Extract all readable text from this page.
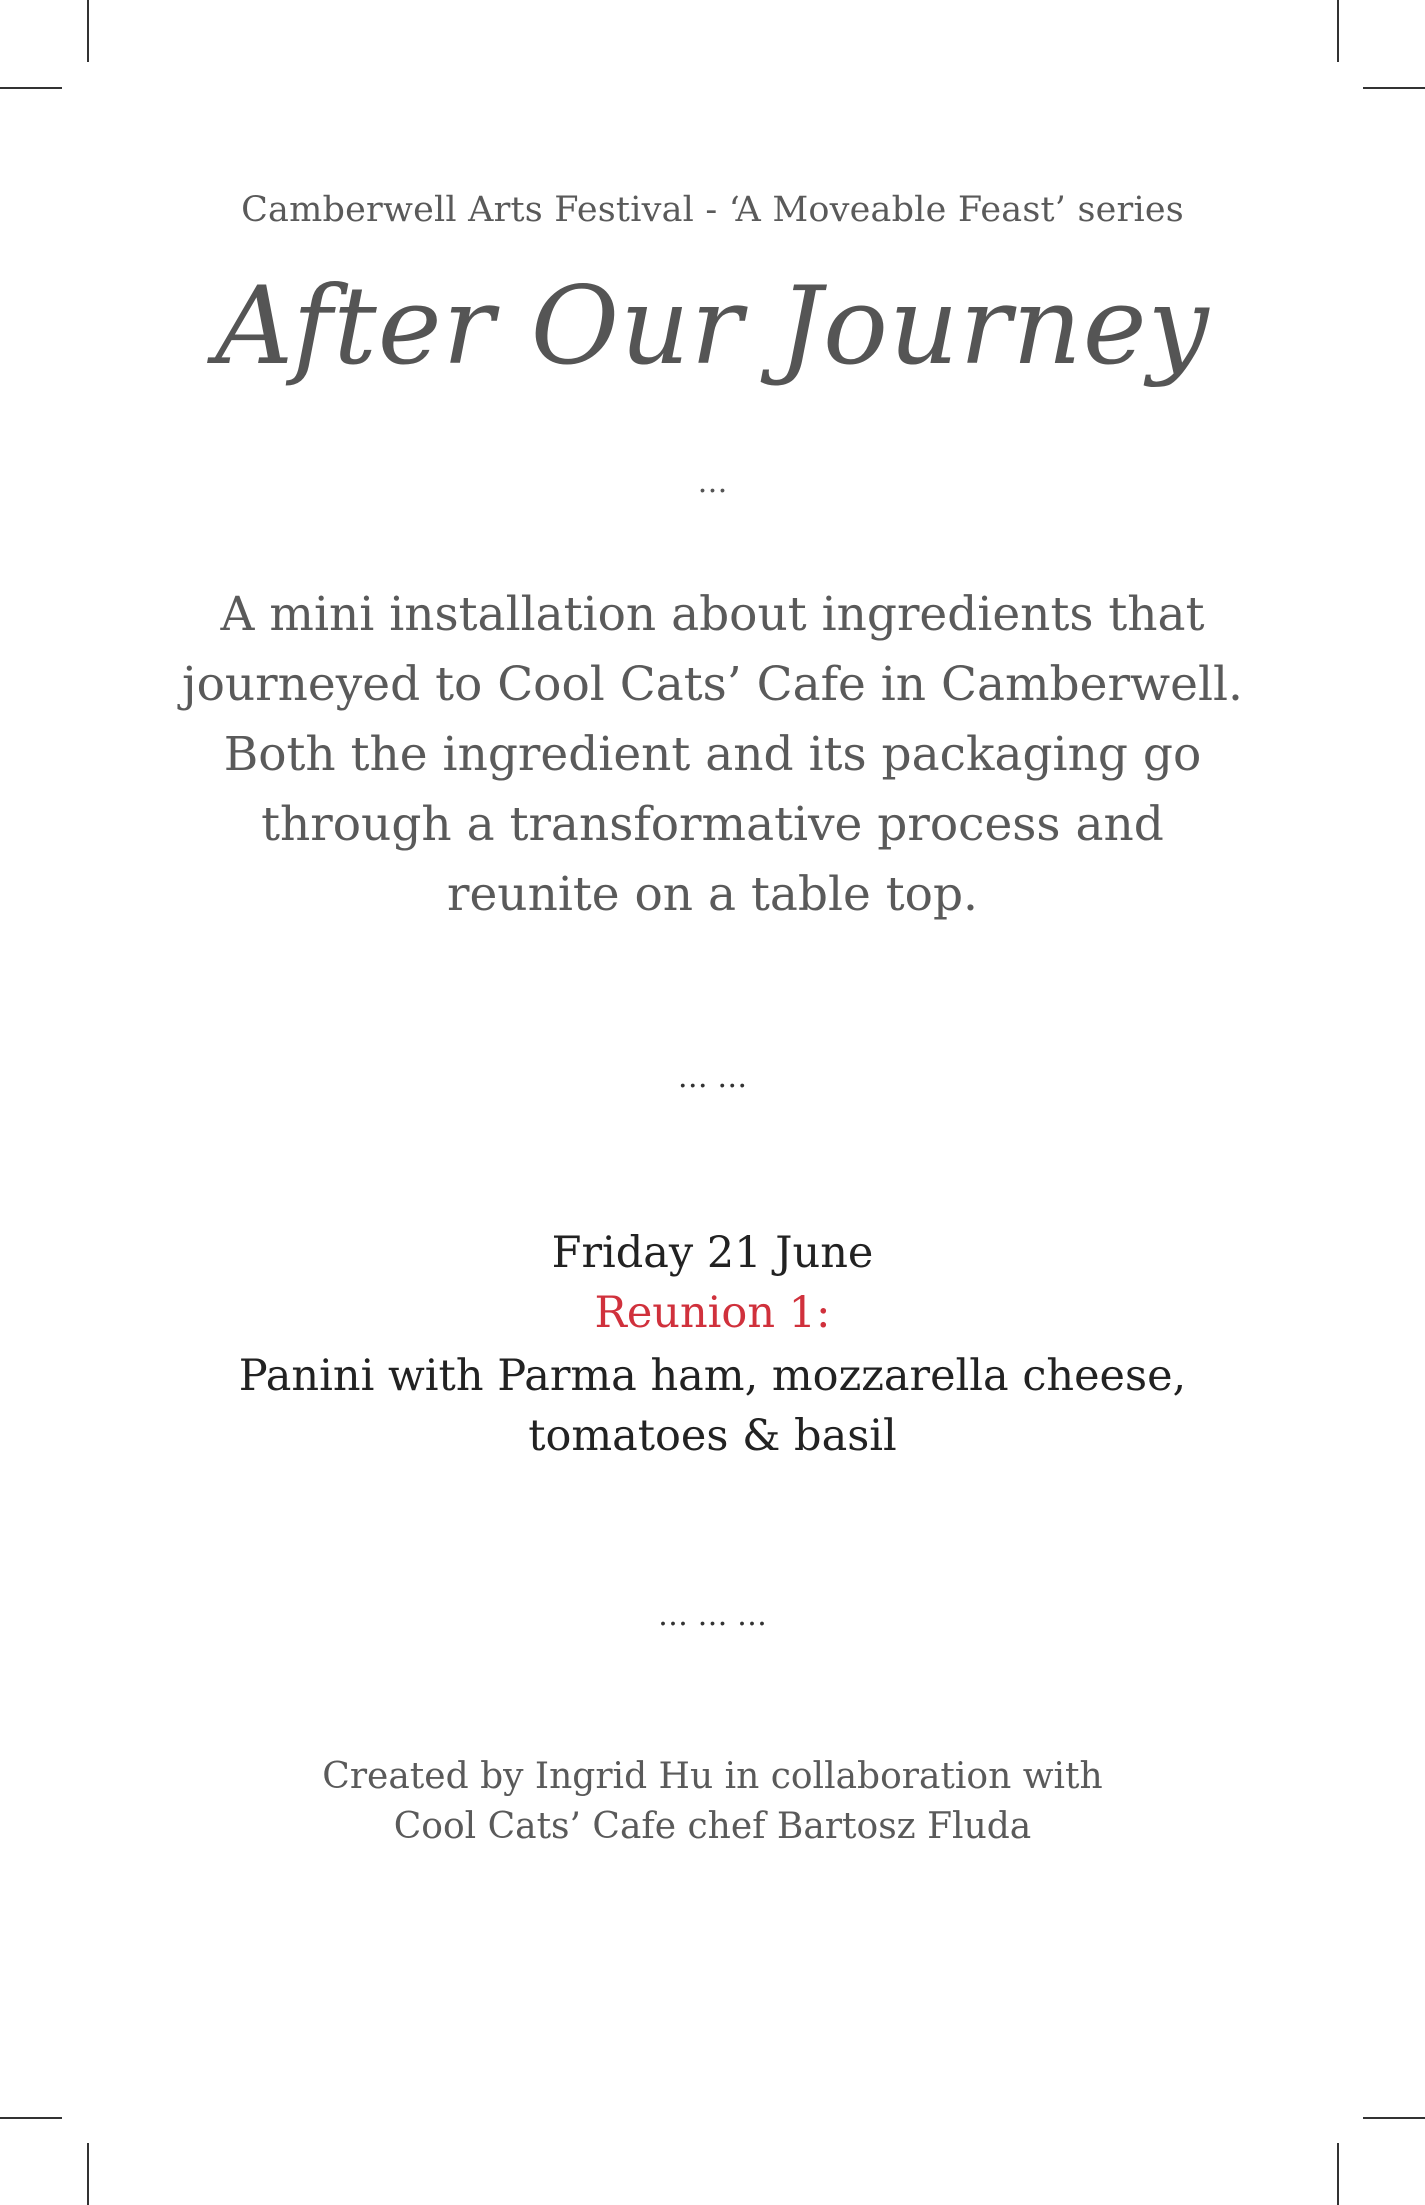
Camberwell Arts Festival - ‘A Moveable Feast’ series
After Our Journey
…
A mini installation about ingredients that
journeyed to Cool Cats’ Cafe in Camberwell.
Both the ingredient and its packaging go
through a transformative process and
reunite on a table top.
… …
Friday 21 June
Reunion 1:
Panini with Parma ham, mozzarella cheese,
tomatoes & basil
… … …
Created by Ingrid Hu in collaboration with
Cool Cats’ Cafe chef Bartosz Fluda
